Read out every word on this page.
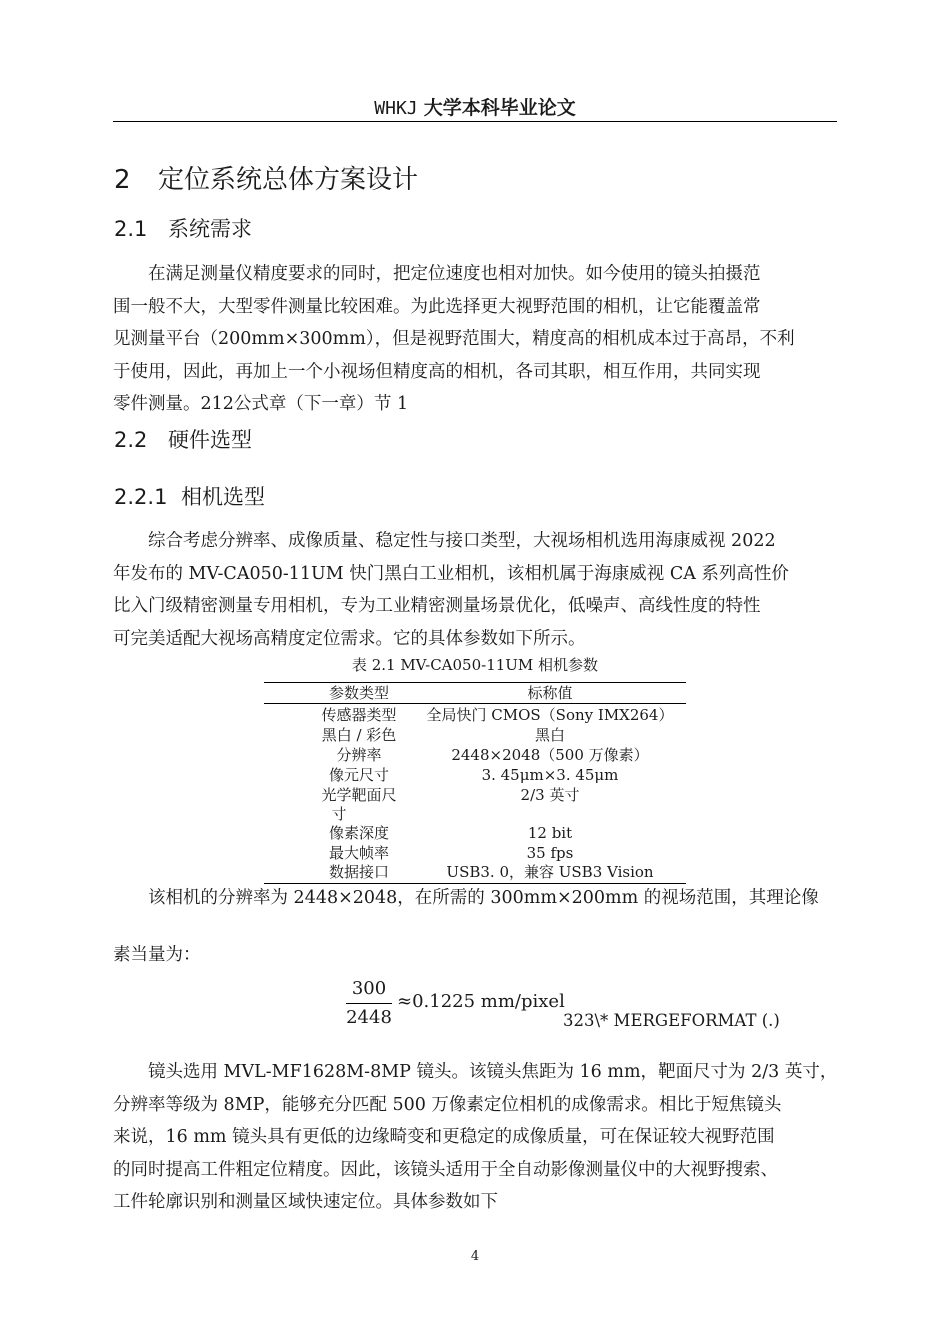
WHKJ 大学本科毕业论文
2 定位系统总体方案设计
2.1 系统需求
在满足测量仪精度要求的同时，把定位速度也相对加快。如今使用的镜头拍摄范
围一般不大，大型零件测量比较困难。为此选择更大视野范围的相机，让它能覆盖常
见测量平台（200mm×300mm），但是视野范围大，精度高的相机成本过于高昂，不利
于使用，因此，再加上一个小视场但精度高的相机，各司其职，相互作用，共同实现
零件测量。212公式章（下一章）节 1
2.2 硬件选型
2.2.1 相机选型
综合考虑分辨率、成像质量、稳定性与接口类型，大视场相机选用海康威视 2022
年发布的 MV-CA050-11UM 快门黑白工业相机，该相机属于海康威视 CA 系列高性价
比入门级精密测量专用相机，专为工业精密测量场景优化，低噪声、高线性度的特性
可完美适配大视场高精度定位需求。它的具体参数如下所示。
表 2.1 MV-CA050-11UM 相机参数
参数类型	标称值
传感器类型	全局快门 CMOS（Sony IMX264）
黑白 / 彩色	黑白
分辨率	2448×2048（500 万像素）
像元尺寸	3. 45μm×3. 45μm
光学靶面尺	2/3 英寸
寸
像素深度	12 bit
最大帧率	35 fps
数据接口	USB3. 0，兼容 USB3 Vision
该相机的分辨率为 2448×2048，在所需的 300mm×200mm 的视场范围，其理论像
素当量为：
300
2448
≈0.1225 mm/pixel
323\* MERGEFORMAT (.)
镜头选用 MVL-MF1628M-8MP 镜头。该镜头焦距为 16 mm，靶面尺寸为 2/3 英寸，
分辨率等级为 8MP，能够充分匹配 500 万像素定位相机的成像需求。相比于短焦镜头
来说，16 mm 镜头具有更低的边缘畸变和更稳定的成像质量，可在保证较大视野范围
的同时提高工件粗定位精度。因此，该镜头适用于全自动影像测量仪中的大视野搜索、
工件轮廓识别和测量区域快速定位。具体参数如下
4
